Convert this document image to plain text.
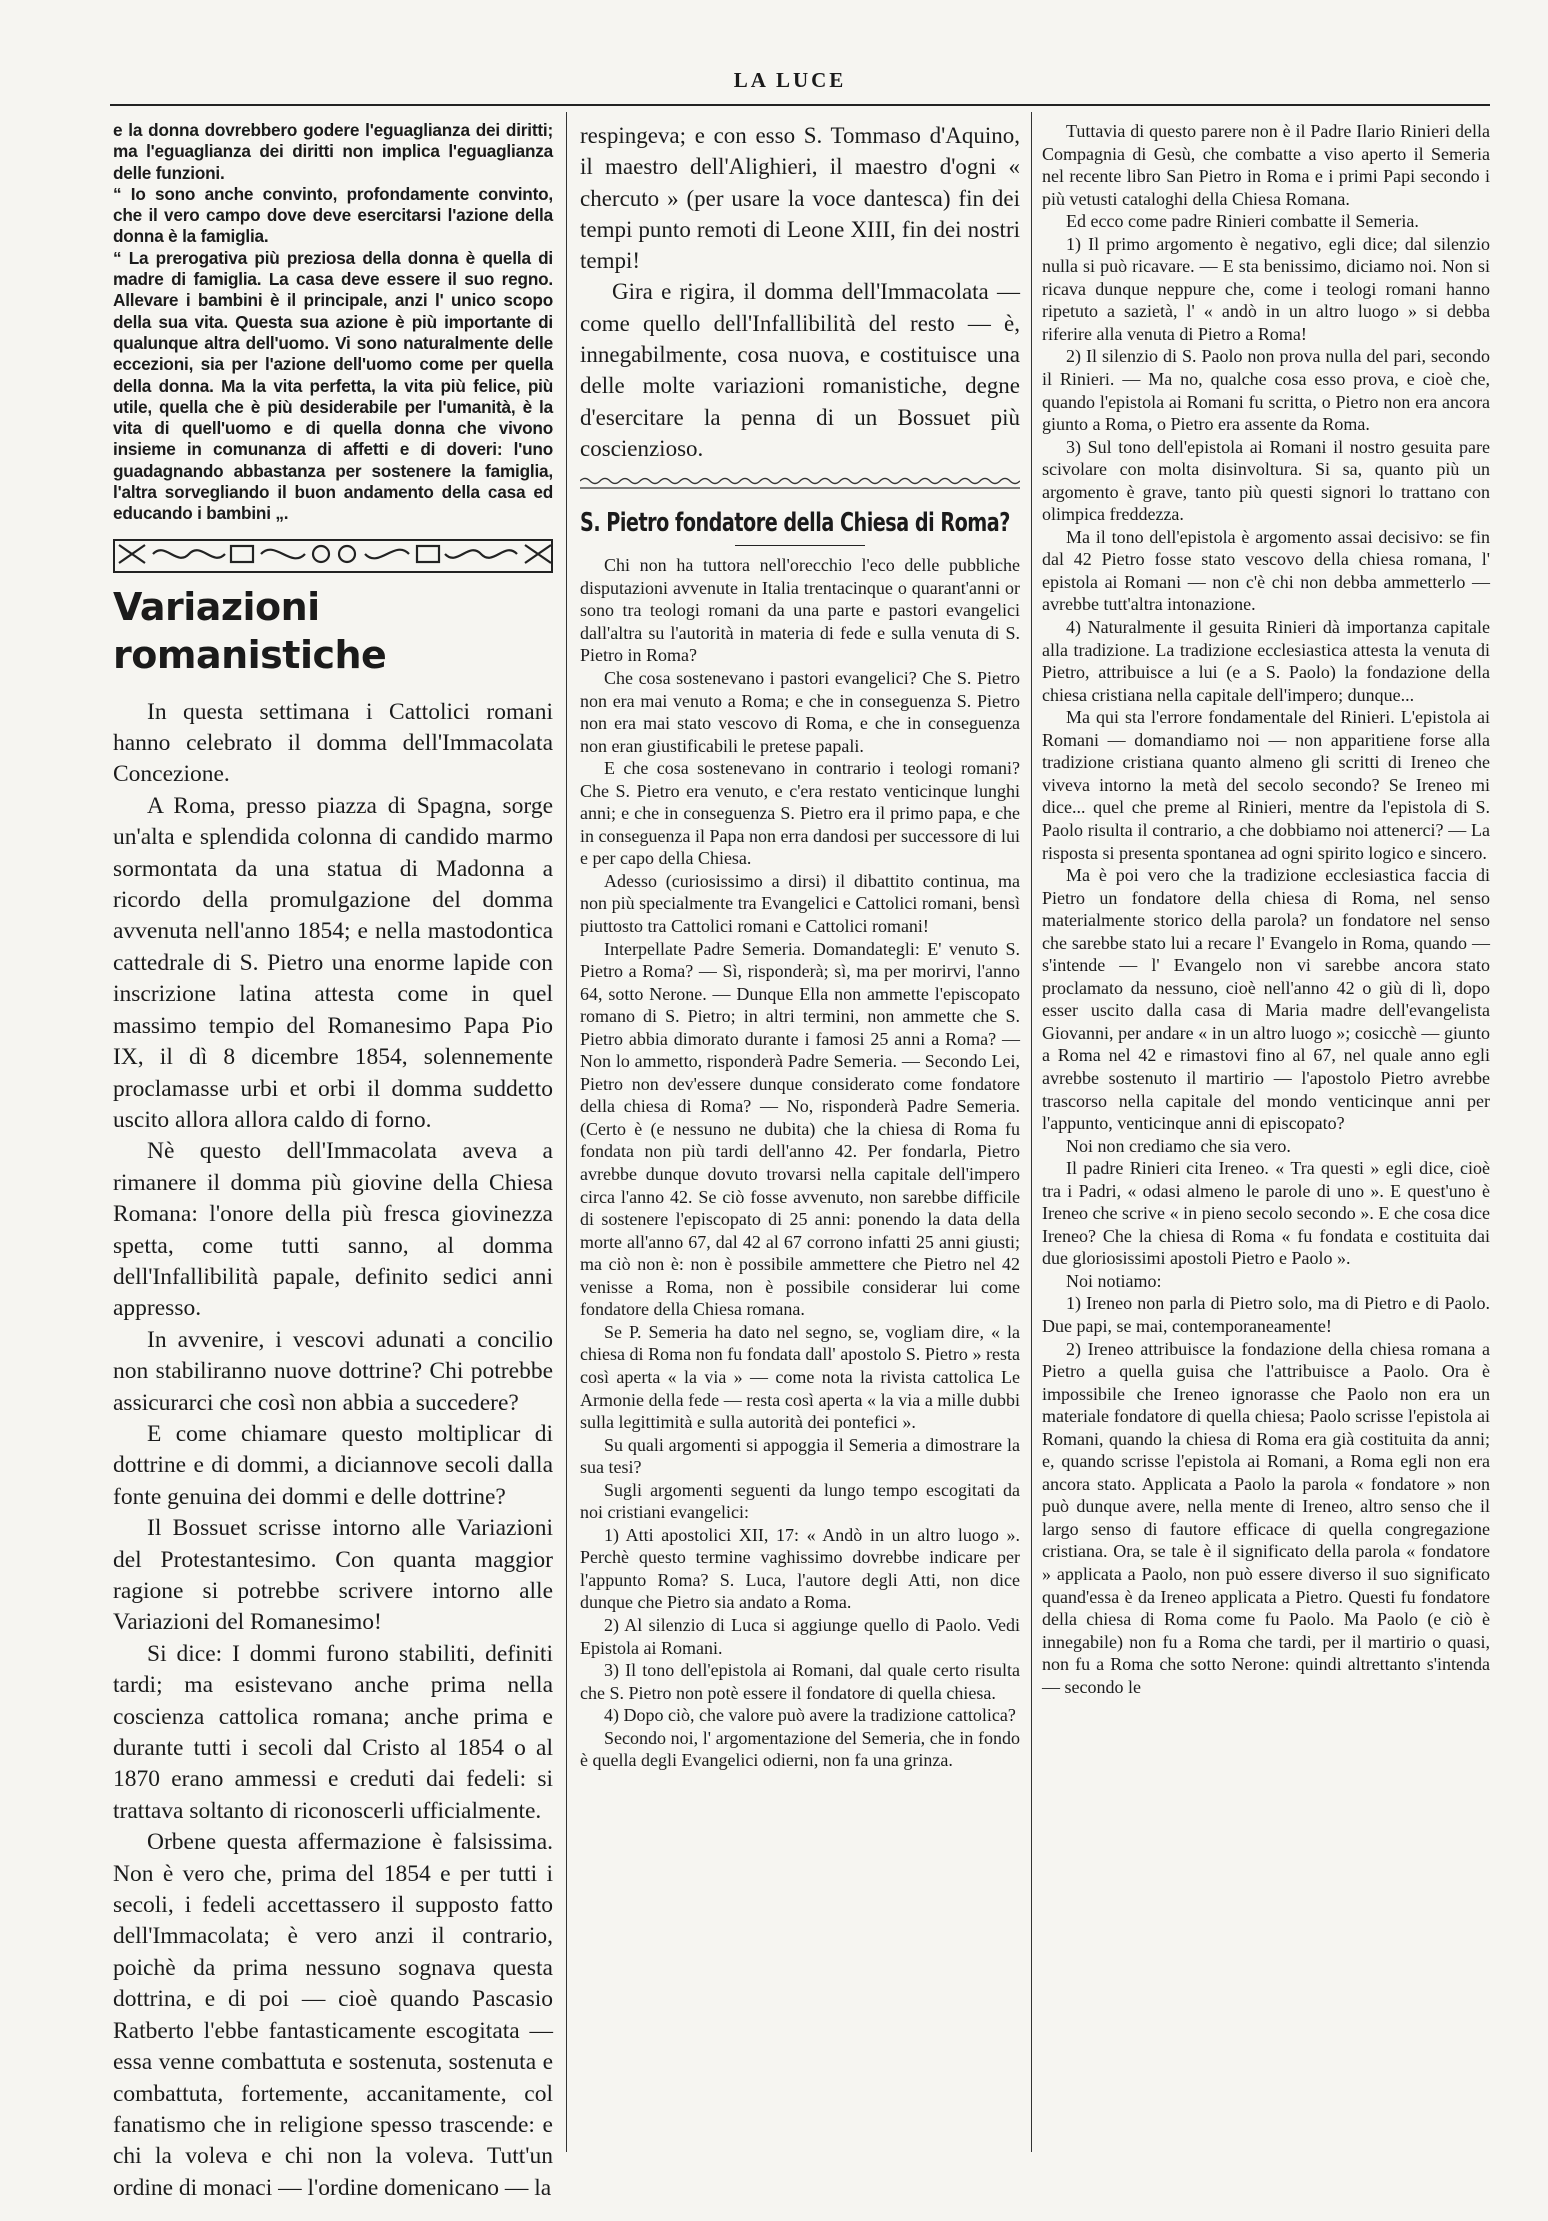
LA LUCE

e la donna dovrebbero godere l'eguaglianza dei diritti; ma l'eguaglianza dei diritti non implica l'eguaglianza delle funzioni.

“ Io sono anche convinto, profondamente convinto, che il vero campo dove deve esercitarsi l'azione della donna è la famiglia.

“ La prerogativa più preziosa della donna è quella di madre di famiglia. La casa deve essere il suo regno. Allevare i bambini è il principale, anzi l' unico scopo della sua vita. Questa sua azione è più importante di qualunque altra dell'uomo. Vi sono naturalmente delle eccezioni, sia per l'azione dell'uomo come per quella della donna. Ma la vita perfetta, la vita più felice, più utile, quella che è più desiderabile per l'umanità, è la vita di quell'uomo e di quella donna che vivono insieme in comunanza di affetti e di doveri: l'uno guadagnando abbastanza per sostenere la famiglia, l'altra sorvegliando il buon andamento della casa ed educando i bambini „.

Variazioni romanistiche

In questa settimana i Cattolici romani hanno celebrato il domma dell'Immacolata Concezione.

A Roma, presso piazza di Spagna, sorge un'alta e splendida colonna di candido marmo sormontata da una statua di Madonna a ricordo della promulgazione del domma avvenuta nell'anno 1854; e nella mastodontica cattedrale di S. Pietro una enorme lapide con inscrizione latina attesta come in quel massimo tempio del Romanesimo Papa Pio IX, il dì 8 dicembre 1854, solennemente proclamasse urbi et orbi il domma suddetto uscito allora allora caldo di forno.

Nè questo dell'Immacolata aveva a rimanere il domma più giovine della Chiesa Romana: l'onore della più fresca giovinezza spetta, come tutti sanno, al domma dell'Infallibilità papale, definito sedici anni appresso.

In avvenire, i vescovi adunati a concilio non stabiliranno nuove dottrine? Chi potrebbe assicurarci che così non abbia a succedere?

E come chiamare questo moltiplicar di dottrine e di dommi, a diciannove secoli dalla fonte genuina dei dommi e delle dottrine?

Il Bossuet scrisse intorno alle Variazioni del Protestantesimo. Con quanta maggior ragione si potrebbe scrivere intorno alle Variazioni del Romanesimo!

Si dice: I dommi furono stabiliti, definiti tardi; ma esistevano anche prima nella coscienza cattolica romana; anche prima e durante tutti i secoli dal Cristo al 1854 o al 1870 erano ammessi e creduti dai fedeli: si trattava soltanto di riconoscerli ufficialmente.

Orbene questa affermazione è falsissima. Non è vero che, prima del 1854 e per tutti i secoli, i fedeli accettassero il supposto fatto dell'Immacolata; è vero anzi il contrario, poichè da prima nessuno sognava questa dottrina, e di poi — cioè quando Pascasio Ratberto l'ebbe fantasticamente escogitata — essa venne combattuta e sostenuta, sostenuta e combattuta, fortemente, accanitamente, col fanatismo che in religione spesso trascende: e chi la voleva e chi non la voleva. Tutt'un ordine di monaci — l'ordine domenicano — la

respingeva; e con esso S. Tommaso d'Aquino, il maestro dell'Alighieri, il maestro d'ogni « chercuto » (per usare la voce dantesca) fin dei tempi punto remoti di Leone XIII, fin dei nostri tempi!

Gira e rigira, il domma dell'Immacolata — come quello dell'Infallibilità del resto — è, innegabilmente, cosa nuova, e costituisce una delle molte variazioni romanistiche, degne d'esercitare la penna di un Bossuet più coscienzioso.

S. Pietro fondatore della Chiesa di Roma?

Chi non ha tuttora nell'orecchio l'eco delle pubbliche disputazioni avvenute in Italia trentacinque o quarant'anni or sono tra teologi romani da una parte e pastori evangelici dall'altra su l'autorità in materia di fede e sulla venuta di S. Pietro in Roma?

Che cosa sostenevano i pastori evangelici? Che S. Pietro non era mai venuto a Roma; e che in conseguenza S. Pietro non era mai stato vescovo di Roma, e che in conseguenza non eran giustificabili le pretese papali.

E che cosa sostenevano in contrario i teologi romani? Che S. Pietro era venuto, e c'era restato venticinque lunghi anni; e che in conseguenza S. Pietro era il primo papa, e che in conseguenza il Papa non erra dandosi per successore di lui e per capo della Chiesa.

Adesso (curiosissimo a dirsi) il dibattito continua, ma non più specialmente tra Evangelici e Cattolici romani, bensì piuttosto tra Cattolici romani e Cattolici romani!

Interpellate Padre Semeria. Domandategli: E' venuto S. Pietro a Roma? — Sì, risponderà; sì, ma per morirvi, l'anno 64, sotto Nerone. — Dunque Ella non ammette l'episcopato romano di S. Pietro; in altri termini, non ammette che S. Pietro abbia dimorato durante i famosi 25 anni a Roma? — Non lo ammetto, risponderà Padre Semeria. — Secondo Lei, Pietro non dev'essere dunque considerato come fondatore della chiesa di Roma? — No, risponderà Padre Semeria. (Certo è (e nessuno ne dubita) che la chiesa di Roma fu fondata non più tardi dell'anno 42. Per fondarla, Pietro avrebbe dunque dovuto trovarsi nella capitale dell'impero circa l'anno 42. Se ciò fosse avvenuto, non sarebbe difficile di sostenere l'episcopato di 25 anni: ponendo la data della morte all'anno 67, dal 42 al 67 corrono infatti 25 anni giusti; ma ciò non è: non è possibile ammettere che Pietro nel 42 venisse a Roma, non è possibile considerar lui come fondatore della Chiesa romana.

Se P. Semeria ha dato nel segno, se, vogliam dire, « la chiesa di Roma non fu fondata dall' apostolo S. Pietro » resta così aperta « la via » — come nota la rivista cattolica Le Armonie della fede — resta così aperta « la via a mille dubbi sulla legittimità e sulla autorità dei pontefici ».

Su quali argomenti si appoggia il Semeria a dimostrare la sua tesi?

Sugli argomenti seguenti da lungo tempo escogitati da noi cristiani evangelici:

1) Atti apostolici XII, 17: « Andò in un altro luogo ». Perchè questo termine vaghissimo dovrebbe indicare per l'appunto Roma? S. Luca, l'autore degli Atti, non dice dunque che Pietro sia andato a Roma.

2) Al silenzio di Luca si aggiunge quello di Paolo. Vedi Epistola ai Romani.

3) Il tono dell'epistola ai Romani, dal quale certo risulta che S. Pietro non potè essere il fondatore di quella chiesa.

4) Dopo ciò, che valore può avere la tradizione cattolica?

Secondo noi, l' argomentazione del Semeria, che in fondo è quella degli Evangelici odierni, non fa una grinza.

Tuttavia di questo parere non è il Padre Ilario Rinieri della Compagnia di Gesù, che combatte a viso aperto il Semeria nel recente libro San Pietro in Roma e i primi Papi secondo i più vetusti cataloghi della Chiesa Romana.

Ed ecco come padre Rinieri combatte il Semeria.

1) Il primo argomento è negativo, egli dice; dal silenzio nulla si può ricavare. — E sta benissimo, diciamo noi. Non si ricava dunque neppure che, come i teologi romani hanno ripetuto a sazietà, l' « andò in un altro luogo » si debba riferire alla venuta di Pietro a Roma!

2) Il silenzio di S. Paolo non prova nulla del pari, secondo il Rinieri. — Ma no, qualche cosa esso prova, e cioè che, quando l'epistola ai Romani fu scritta, o Pietro non era ancora giunto a Roma, o Pietro era assente da Roma.

3) Sul tono dell'epistola ai Romani il nostro gesuita pare scivolare con molta disinvoltura. Si sa, quanto più un argomento è grave, tanto più questi signori lo trattano con olimpica freddezza.

Ma il tono dell'epistola è argomento assai decisivo: se fin dal 42 Pietro fosse stato vescovo della chiesa romana, l' epistola ai Romani — non c'è chi non debba ammetterlo — avrebbe tutt'altra intonazione.

4) Naturalmente il gesuita Rinieri dà importanza capitale alla tradizione. La tradizione ecclesiastica attesta la venuta di Pietro, attribuisce a lui (e a S. Paolo) la fondazione della chiesa cristiana nella capitale dell'impero; dunque...

Ma qui sta l'errore fondamentale del Rinieri. L'epistola ai Romani — domandiamo noi — non apparitiene forse alla tradizione cristiana quanto almeno gli scritti di Ireneo che viveva intorno la metà del secolo secondo? Se Ireneo mi dice... quel che preme al Rinieri, mentre da l'epistola di S. Paolo risulta il contrario, a che dobbiamo noi attenerci? — La risposta si presenta spontanea ad ogni spirito logico e sincero.

Ma è poi vero che la tradizione ecclesiastica faccia di Pietro un fondatore della chiesa di Roma, nel senso materialmente storico della parola? un fondatore nel senso che sarebbe stato lui a recare l' Evangelo in Roma, quando — s'intende — l' Evangelo non vi sarebbe ancora stato proclamato da nessuno, cioè nell'anno 42 o giù di lì, dopo esser uscito dalla casa di Maria madre dell'evangelista Giovanni, per andare « in un altro luogo »; cosicchè — giunto a Roma nel 42 e rimastovi fino al 67, nel quale anno egli avrebbe sostenuto il martirio — l'apostolo Pietro avrebbe trascorso nella capitale del mondo venticinque anni per l'appunto, venticinque anni di episcopato?

Noi non crediamo che sia vero.

Il padre Rinieri cita Ireneo. « Tra questi » egli dice, cioè tra i Padri, « odasi almeno le parole di uno ». E quest'uno è Ireneo che scrive « in pieno secolo secondo ». E che cosa dice Ireneo? Che la chiesa di Roma « fu fondata e costituita dai due gloriosissimi apostoli Pietro e Paolo ».

Noi notiamo:

1) Ireneo non parla di Pietro solo, ma di Pietro e di Paolo. Due papi, se mai, contemporaneamente!

2) Ireneo attribuisce la fondazione della chiesa romana a Pietro a quella guisa che l'attribuisce a Paolo. Ora è impossibile che Ireneo ignorasse che Paolo non era un materiale fondatore di quella chiesa; Paolo scrisse l'epistola ai Romani, quando la chiesa di Roma era già costituita da anni; e, quando scrisse l'epistola ai Romani, a Roma egli non era ancora stato. Applicata a Paolo la parola « fondatore » non può dunque avere, nella mente di Ireneo, altro senso che il largo senso di fautore efficace di quella congregazione cristiana. Ora, se tale è il significato della parola « fondatore » applicata a Paolo, non può essere diverso il suo significato quand'essa è da Ireneo applicata a Pietro. Questi fu fondatore della chiesa di Roma come fu Paolo. Ma Paolo (e ciò è innegabile) non fu a Roma che tardi, per il martirio o quasi, non fu a Roma che sotto Nerone: quindi altrettanto s'intenda — secondo le
